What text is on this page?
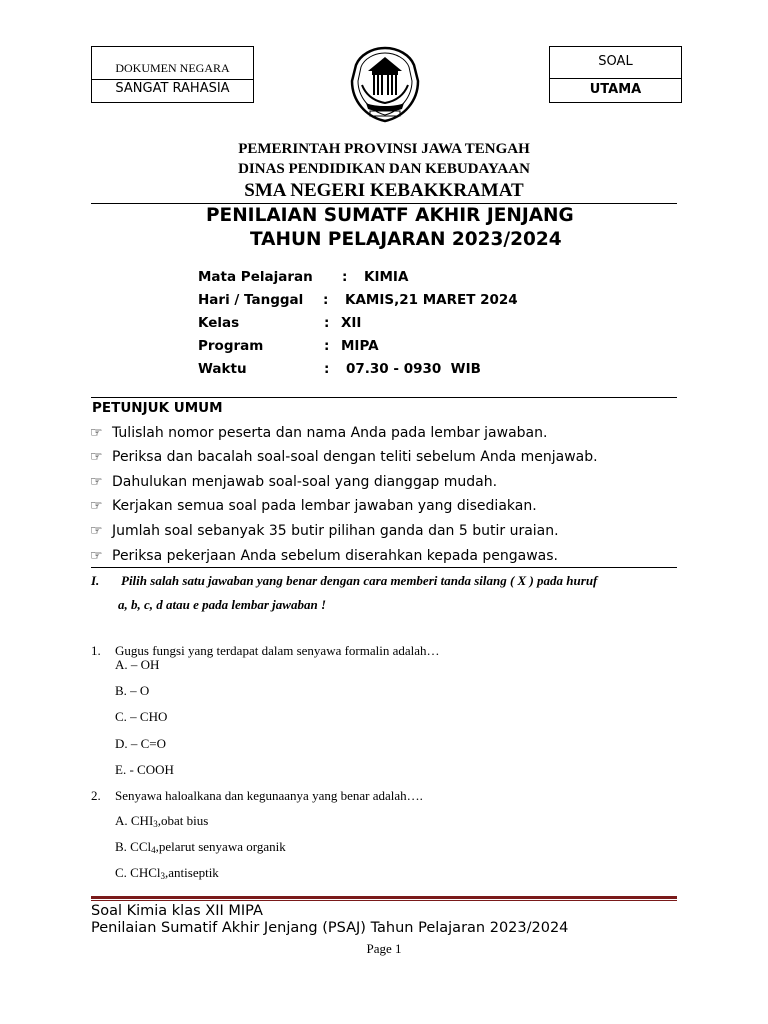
DOKUMEN NEGARA
SANGAT RAHASIA
SOAL
UTAMA
PEMERINTAH PROVINSI JAWA TENGAH
DINAS PENDIDIKAN DAN KEBUDAYAAN
SMA NEGERI KEBAKKRAMAT
PENILAIAN SUMATF AKHIR JENJANG
TAHUN PELAJARAN 2023/2024
Mata Pelajaran : KIMIA
Hari / Tanggal : KAMIS,21 MARET 2024
Kelas	: XII
Program	: MIPA
Waktu	: 07.30 - 0930  WIB
PETUNJUK UMUM
☞ Tulislah nomor peserta dan nama Anda pada lembar jawaban.
☞ Periksa dan bacalah soal-soal dengan teliti sebelum Anda menjawab.
☞ Dahulukan menjawab soal-soal yang dianggap mudah.
☞ Kerjakan semua soal pada lembar jawaban yang disediakan.
☞ Jumlah soal sebanyak 35 butir pilihan ganda dan 5 butir uraian.
☞ Periksa pekerjaan Anda sebelum diserahkan kepada pengawas.
I. Pilih salah satu jawaban yang benar dengan cara memberi tanda silang ( X ) pada huruf
a, b, c, d atau e pada lembar jawaban !
1. Gugus fungsi yang terdapat dalam senyawa formalin adalah…
A. – OH
B. – O
C. – CHO
D. – C=O
E. - COOH
2. Senyawa haloalkana dan kegunaanya yang benar adalah….
A. $CHI_3,obat$ bius
B. CCl$_4$,pelarut senyawa organik
C. CHCl$_3$,antiseptik
Soal Kimia klas XII MIPA
Penilaian Sumatif Akhir Jenjang (PSAJ) Tahun Pelajaran 2023/2024
Page 1
